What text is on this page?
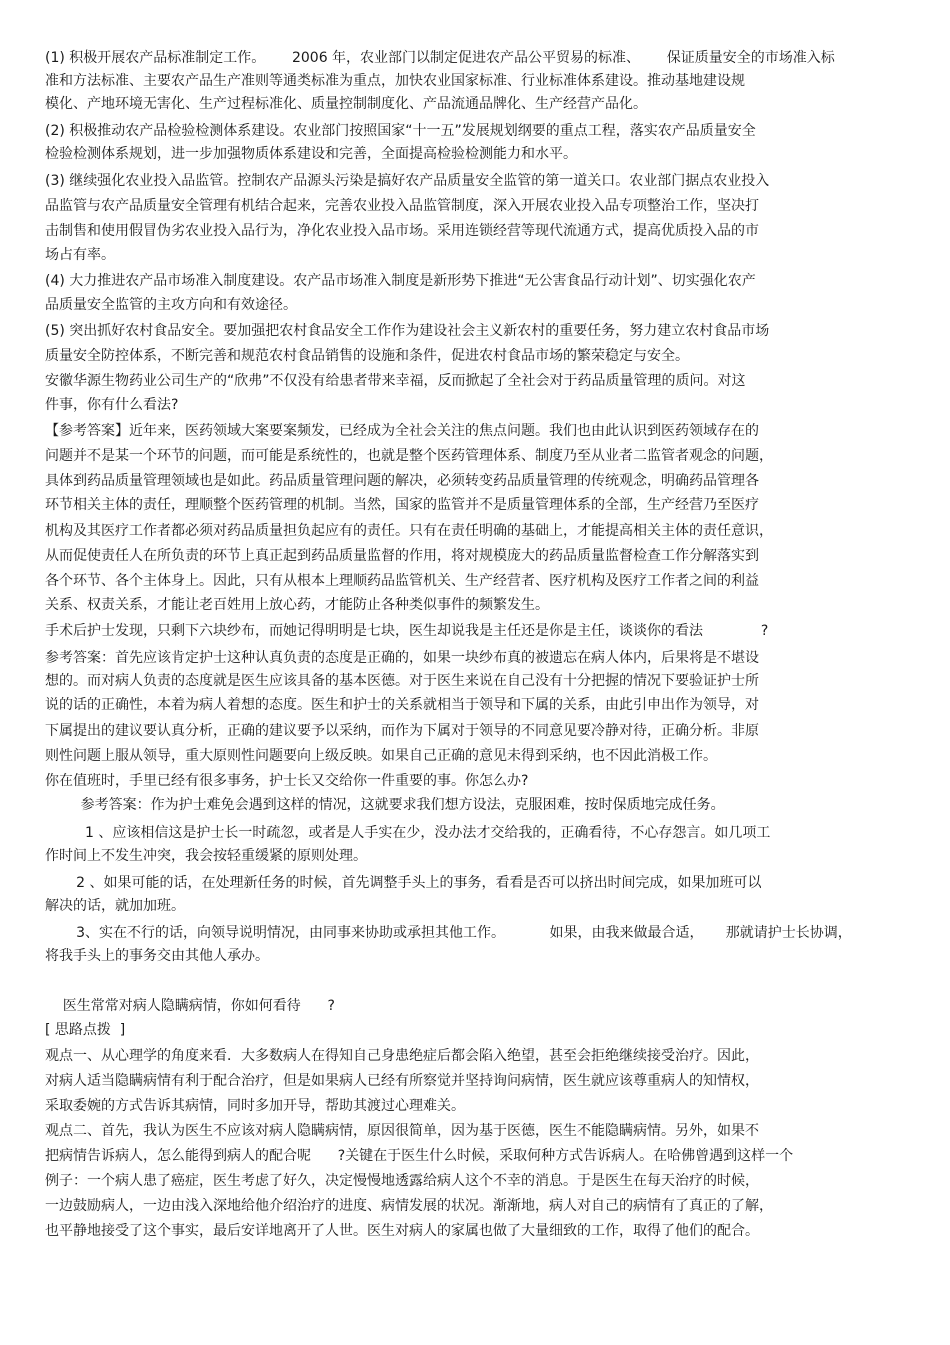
(1) 积极开展农产品标准制定工作。      2006 年，农业部门以制定促进农产品公平贸易的标准、      保证质量安全的市场准入标
准和方法标准、主要农产品生产准则等通类标准为重点，加快农业国家标准、行业标准体系建设。推动基地建设规
模化、产地环境无害化、生产过程标准化、质量控制制度化、产品流通品牌化、生产经营产品化。
(2) 积极推动农产品检验检测体系建设。农业部门按照国家“十一五”发展规划纲要的重点工程，落实农产品质量安全
检验检测体系规划，进一步加强物质体系建设和完善，全面提高检验检测能力和水平。
(3) 继续强化农业投入品监管。控制农产品源头污染是搞好农产品质量安全监管的第一道关口。农业部门据点农业投入
品监管与农产品质量安全管理有机结合起来，完善农业投入品监管制度，深入开展农业投入品专项整治工作，坚决打
击制售和使用假冒伪劣农业投入品行为，净化农业投入品市场。采用连锁经营等现代流通方式，提高优质投入品的市
场占有率。
(4) 大力推进农产品市场准入制度建设。农产品市场准入制度是新形势下推进“无公害食品行动计划”、切实强化农产
品质量安全监管的主攻方向和有效途径。
(5) 突出抓好农村食品安全。要加强把农村食品安全工作作为建设社会主义新农村的重要任务，努力建立农村食品市场
质量安全防控体系，不断完善和规范农村食品销售的设施和条件，促进农村食品市场的繁荣稳定与安全。
安徽华源生物药业公司生产的“欣弗”不仅没有给患者带来幸福，反而掀起了全社会对于药品质量管理的质问。对这
件事，你有什么看法?
【参考答案】近年来，医药领域大案要案频发，已经成为全社会关注的焦点问题。我们也由此认识到医药领域存在的
问题并不是某一个环节的问题，而可能是系统性的，也就是整个医药管理体系、制度乃至从业者二监管者观念的问题，
具体到药品质量管理领域也是如此。药品质量管理问题的解决，必须转变药品质量管理的传统观念，明确药品管理各
环节相关主体的责任，理顺整个医药管理的机制。当然，国家的监管并不是质量管理体系的全部，生产经营乃至医疗
机构及其医疗工作者都必须对药品质量担负起应有的责任。只有在责任明确的基础上，才能提高相关主体的责任意识，
从而促使责任人在所负责的环节上真正起到药品质量监督的作用，将对规模庞大的药品质量监督检查工作分解落实到
各个环节、各个主体身上。因此，只有从根本上理顺药品监管机关、生产经营者、医疗机构及医疗工作者之间的利益
关系、权责关系，才能让老百姓用上放心药，才能防止各种类似事件的频繁发生。
手术后护士发现，只剩下六块纱布，而她记得明明是七块，医生却说我是主任还是你是主任，谈谈你的看法             ?
参考答案：首先应该肯定护士这种认真负责的态度是正确的，如果一块纱布真的被遗忘在病人体内，后果将是不堪设
想的。而对病人负责的态度就是医生应该具备的基本医德。对于医生来说在自己没有十分把握的情况下要验证护士所
说的话的正确性，本着为病人着想的态度。医生和护士的关系就相当于领导和下属的关系，由此引申出作为领导，对
下属提出的建议要认真分析，正确的建议要予以采纳，而作为下属对于领导的不同意见要冷静对待，正确分析。非原
则性问题上服从领导，重大原则性问题要向上级反映。如果自己正确的意见未得到采纳，也不因此消极工作。
你在值班时，手里已经有很多事务，护士长又交给你一件重要的事。你怎么办?
参考答案：作为护士难免会遇到这样的情况，这就要求我们想方设法，克服困难，按时保质地完成任务。
1 、应该相信这是护士长一时疏忽，或者是人手实在少，没办法才交给我的，正确看待，不心存怨言。如几项工
作时间上不发生冲突，我会按轻重缓紧的原则处理。
2 、如果可能的话，在处理新任务的时候，首先调整手头上的事务，看看是否可以挤出时间完成，如果加班可以
解决的话，就加加班。
3、实在不行的话，向领导说明情况，由同事来协助或承担其他工作。          如果，由我来做最合适，     那就请护士长协调，
将我手头上的事务交由其他人承办。
医生常常对病人隐瞒病情，你如何看待      ?
[ 思路点拨  ]
观点一、从心理学的角度来看．大多数病人在得知自己身患绝症后都会陷入绝望，甚至会拒绝继续接受治疗。因此，
对病人适当隐瞒病情有利于配合治疗，但是如果病人已经有所察觉并坚持询问病情，医生就应该尊重病人的知情权，
采取委婉的方式告诉其病情，同时多加开导，帮助其渡过心理难关。
观点二、首先，我认为医生不应该对病人隐瞒病情，原因很简单，因为基于医德，医生不能隐瞒病情。另外，如果不
把病情告诉病人，怎么能得到病人的配合呢      ?关键在于医生什么时候，采取何种方式告诉病人。在哈佛曾遇到这样一个
例子：一个病人患了癌症，医生考虑了好久，决定慢慢地透露给病人这个不幸的消息。于是医生在每天治疗的时候，
一边鼓励病人，一边由浅入深地给他介绍治疗的进度、病情发展的状况。渐渐地，病人对自己的病情有了真正的了解，
也平静地接受了这个事实，最后安详地离开了人世。医生对病人的家属也做了大量细致的工作，取得了他们的配合。
